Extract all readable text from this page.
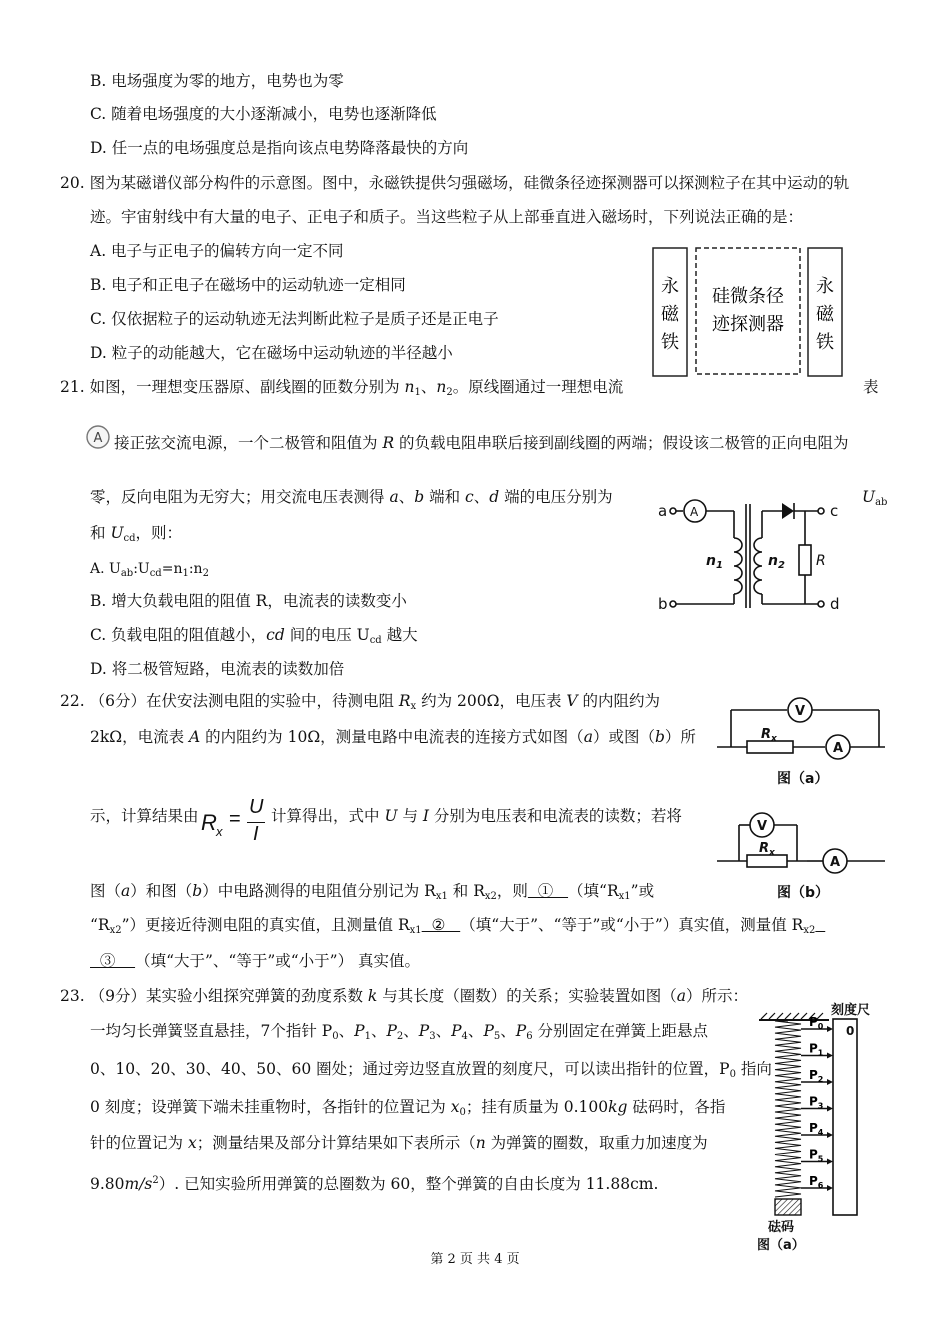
B. 电场强度为零的地方，电势也为零
C. 随着电场强度的大小逐渐减小，电势也逐渐降低
D. 任一点的电场强度总是指向该点电势降落最快的方向
20. 图为某磁谱仪部分构件的示意图。图中，永磁铁提供匀强磁场，硅微条径迹探测器可以探测粒子在其中运动的轨
迹。宇宙射线中有大量的电子、正电子和质子。当这些粒子从上部垂直进入磁场时，下列说法正确的是：
A. 电子与正电子的偏转方向一定不同
B. 电子和正电子在磁场中的运动轨迹一定相同
C. 仅依据粒子的运动轨迹无法判断此粒子是质子还是正电子
D. 粒子的动能越大，它在磁场中运动轨迹的半径越小
永
磁
铁
硅微条径
迹探测器
永
磁
铁
21. 如图，一理想变压器原、副线圈的匝数分别为 $n_1$、$n_2$。原线圈通过一理想电流	表
A 接正弦交流电源，一个二极管和阻值为 R 的负载电阻串联后接到副线圈的两端；假设该二极管的正向电阻为
零，反向电阻为无穷大；用交流电压表测得 a、b 端和 c、d 端的电压分别为	$U_{ab}$
和 $U_{cd}$，则：
A. $U_{ab}:U_{cd}=n_1:n_2$
B. 增大负载电阻的阻值 R，电流表的读数变小
C. 负载电阻的阻值越小，cd 间的电压 $U_{cd}$ 越大
D. 将二极管短路，电流表的读数加倍
a
b
c
d
A
$n_1$	$n_2$ R
22. （6分）在伏安法测电阻的实验中，待测电阻 $R_x$ 约为 200Ω，电压表 V 的内阻约为
2kΩ，电流表 A 的内阻约为 10Ω，测量电路中电流表的连接方式如图（a）或图（b）所
示，计算结果由 R x
=
U
I
计算得出，式中 U 与 I 分别为电压表和电流表的读数；若将
图（a）和图（b）中电路测得的电阻值分别记为 $R_{x1}$ 和 $R_{x2}$，则  ①   （填“$R_{x1}$”或
“$R_{x2}$”）更接近待测电阻的真实值，且测量值 $R_{x1}$  ②   （填“大于”、“等于”或“小于”）真实值，测量值 $R_{x2}$
③    （填“大于”、“等于”或“小于”） 真实值。
V
A
$R_x$
图（a）
V
A
$R_x$
图（b）
23. （9分）某实验小组探究弹簧的劲度系数 k 与其长度（圈数）的关系；实验装置如图（a）所示：
一均匀长弹簧竖直悬挂，7个指针 $P_0$、$P_1$、$P_2$、$P_3$、$P_4$、$P_5$、$P_6$ 分别固定在弹簧上距悬点
0、10、20、30、40、50、60 圈处；通过旁边竖直放置的刻度尺，可以读出指针的位置，$P_0$ 指向
0 刻度；设弹簧下端未挂重物时，各指针的位置记为 $x_0$；挂有质量为 0.100kg 砝码时，各指
针的位置记为 x；测量结果及部分计算结果如下表所示（n 为弹簧的圈数，取重力加速度为
$9.80m/s^2$）. 已知实验所用弹簧的总圈数为 60，整个弹簧的自由长度为 11.88cm.
刻度尺
0
砝码
图（a）
$P_0$
$P_1$
$P_2$
$P_3$
$P_4$
$P_5$
$P_6$
第 2 页 共 4 页
